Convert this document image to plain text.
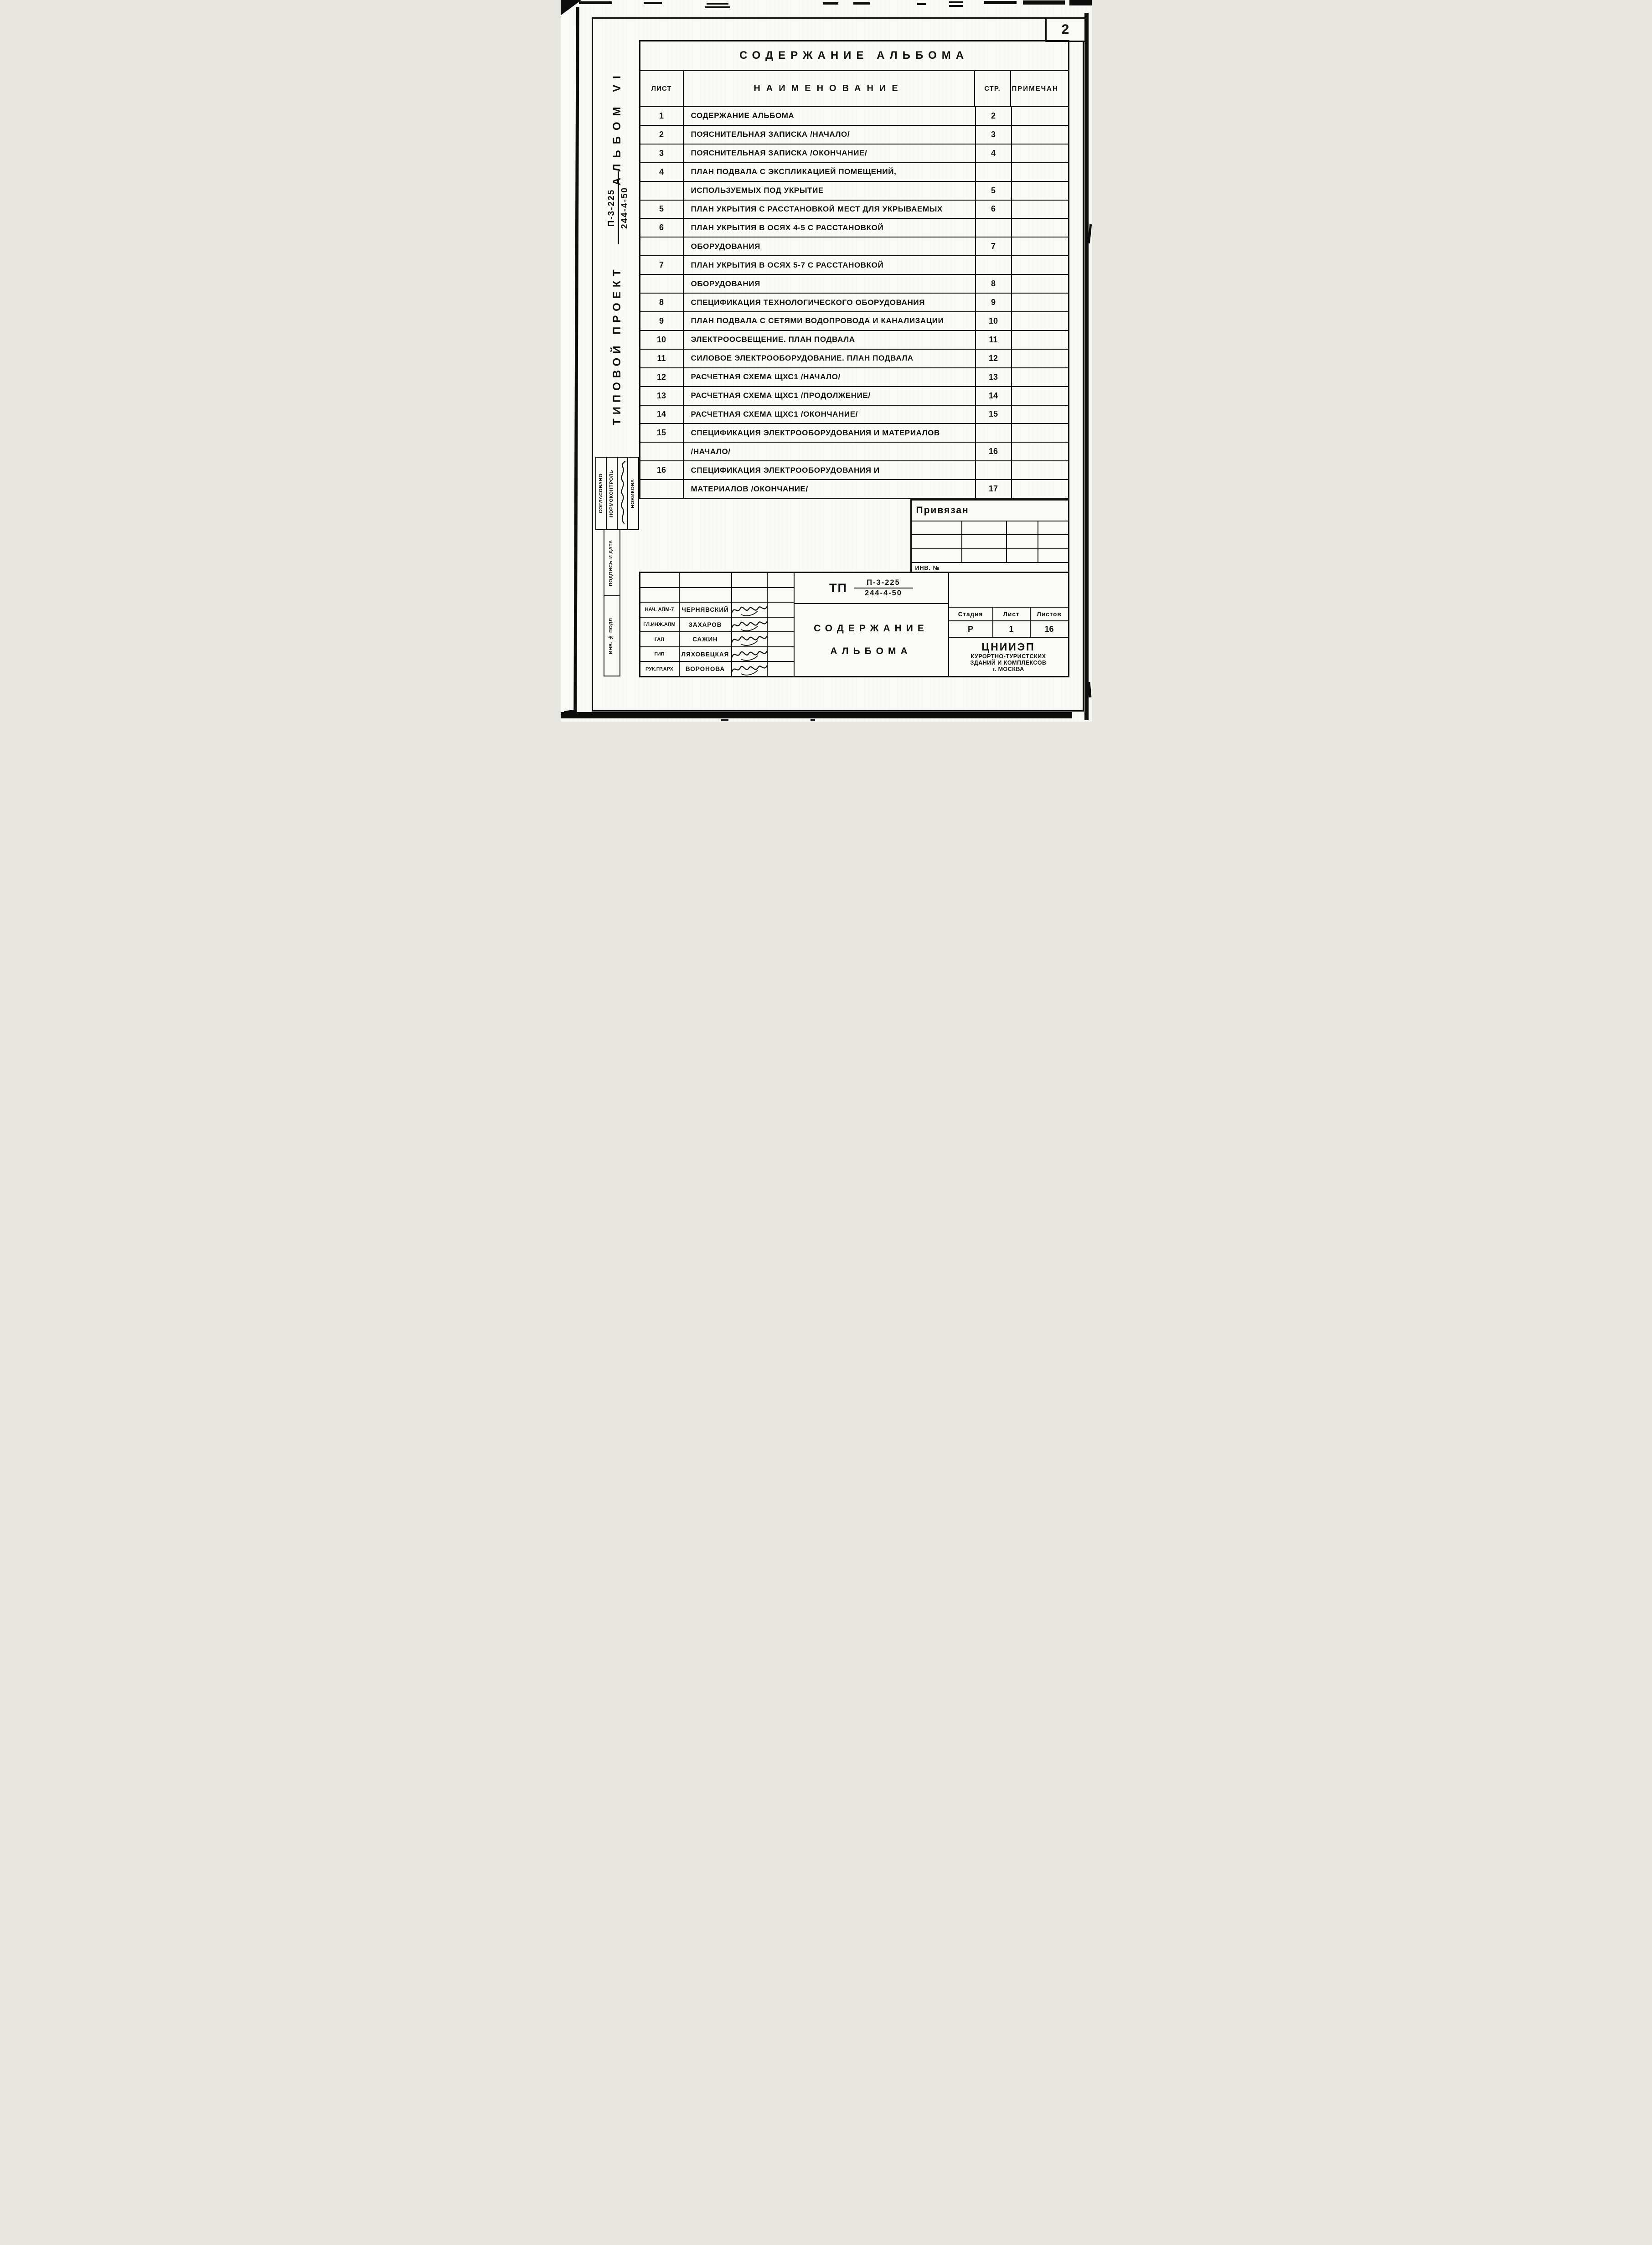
2
АЛЬБОМ VI
П-3-225 244-4-50
ТИПОВОЙ ПРОЕКТ
СОГЛАСОВАНО	НОРМОКОНТРОЛЬ	НОВИКОВА
ПОДПИСЬ И ДАТА
ИНВ. № ПОДЛ
СОДЕРЖАНИЕ АЛЬБОМА
ЛИСТ	НАИМЕНОВАНИЕ	СТР.	ПРИМЕЧАН
1	СОДЕРЖАНИЕ АЛЬБОМА	2
2	ПОЯСНИТЕЛЬНАЯ ЗАПИСКА /НАЧАЛО/	3
3	ПОЯСНИТЕЛЬНАЯ ЗАПИСКА /ОКОНЧАНИЕ/	4
4	ПЛАН ПОДВАЛА С ЭКСПЛИКАЦИЕЙ ПОМЕЩЕНИЙ,
ИСПОЛЬЗУЕМЫХ ПОД УКРЫТИЕ	5
5	ПЛАН УКРЫТИЯ С РАССТАНОВКОЙ МЕСТ ДЛЯ УКРЫВАЕМЫХ	6
6	ПЛАН УКРЫТИЯ В ОСЯХ 4-5 С РАССТАНОВКОЙ
ОБОРУДОВАНИЯ	7
7	ПЛАН УКРЫТИЯ В ОСЯХ 5-7 С РАССТАНОВКОЙ
ОБОРУДОВАНИЯ	8
8	СПЕЦИФИКАЦИЯ ТЕХНОЛОГИЧЕСКОГО ОБОРУДОВАНИЯ	9
9	ПЛАН ПОДВАЛА С СЕТЯМИ ВОДОПРОВОДА И КАНАЛИЗАЦИИ	10
10	ЭЛЕКТРООСВЕЩЕНИЕ. ПЛАН ПОДВАЛА	11
11	СИЛОВОЕ ЭЛЕКТРООБОРУДОВАНИЕ. ПЛАН ПОДВАЛА	12
12	РАСЧЕТНАЯ СХЕМА ЩХС1 /НАЧАЛО/	13
13	РАСЧЕТНАЯ СХЕМА ЩХС1 /ПРОДОЛЖЕНИЕ/	14
14	РАСЧЕТНАЯ СХЕМА ЩХС1 /ОКОНЧАНИЕ/	15
15	СПЕЦИФИКАЦИЯ ЭЛЕКТРООБОРУДОВАНИЯ И МАТЕРИАЛОВ
/НАЧАЛО/	16
16	СПЕЦИФИКАЦИЯ ЭЛЕКТРООБОРУДОВАНИЯ И
МАТЕРИАЛОВ /ОКОНЧАНИЕ/	17
Привязан
ИНВ. №
НАЧ. АПМ-7	ЧЕРНЯВСКИЙ
ГЛ.ИНЖ.АПМ	ЗАХАРОВ
ГАП	САЖИН
ГИП	ЛЯХОВЕЦКАЯ
РУК.ГР.АРХ	ВОРОНОВА
ТП $\frac{П-3-225}{244-4-50}$
СОДЕРЖАНИЕ
АЛЬБОМА
Стадия	Лист	Листов
Р	1	16
ЦНИИЭП
КУРОРТНО-ТУРИСТСКИХ
ЗДАНИЙ И КОМПЛЕКСОВ
г. МОСКВА
